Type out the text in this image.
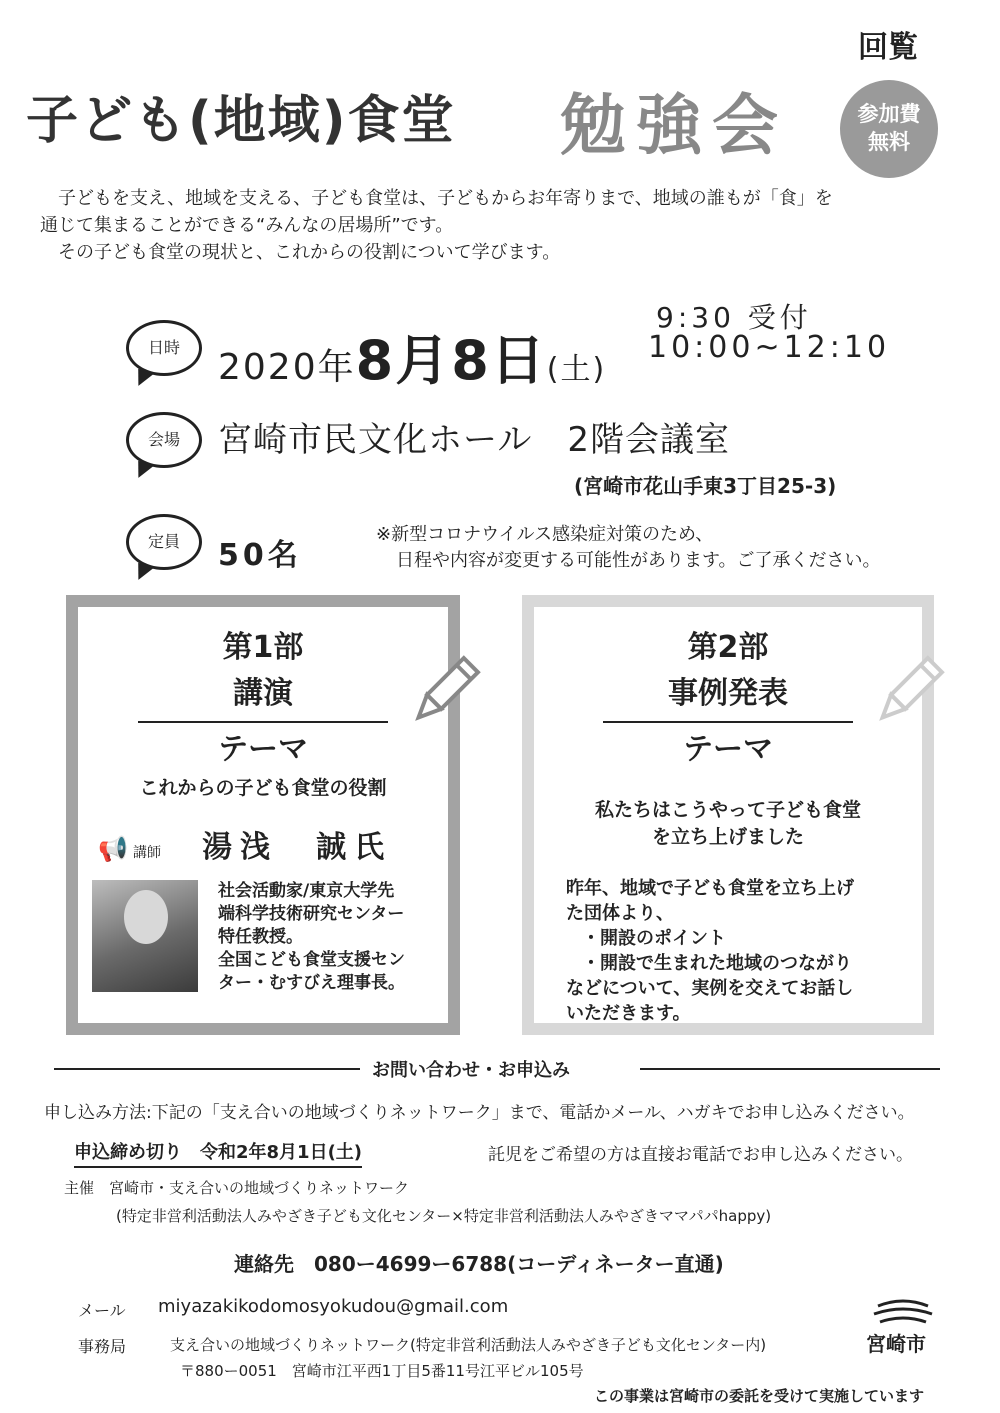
回覧
子ども(地域)食堂 勉強会	参加費
無料

子どもを支え、地域を支える、子ども食堂は、子どもからお年寄りまで、地域の誰もが「食」を

通じて集まることができる“みんなの居場所”です。

その子ども食堂の現状と、これからの役割について学びます。

日時	2020年8月8日(土)
9:30 受付
10:00~12:10
会場	宮崎市民文化ホール　2階会議室
(宮崎市花山手東3丁目25-3)
定員	50名
※新型コロナウイルス感染症対策のため、
日程や内容が変更する可能性があります。ご了承ください。
第1部
講演
テーマ
これからの子ども食堂の役割
📢 講師 湯浅　誠氏
社会活動家/東京大学先
端科学技術研究センター
特任教授。
全国こども食堂支援セン
ター・むすびえ理事長。
第2部
事例発表
テーマ
私たちはこうやって子ども食堂
を立ち上げました
昨年、地域で子ども食堂を立ち上げ
た団体より、
・開設のポイント
・開設で生まれた地域のつながり
などについて、実例を交えてお話し
いただきます。
お問い合わせ・お申込み
申し込み方法:下記の「支え合いの地域づくりネットワーク」まで、電話かメール、ハガキでお申し込みください。
申込締め切り　令和2年8月1日(土)	託児をご希望の方は直接お電話でお申し込みください。
主催　宮崎市・支え合いの地域づくりネットワーク
(特定非営利活動法人みやざき子ども文化センター×特定非営利活動法人みやざきママパパhappy)
連絡先　080ー4699ー6788(コーディネーター直通)
メール miyazakikodomosyokudou@gmail.com
事務局	支え合いの地域づくりネットワーク(特定非営利活動法人みやざき子ども文化センター内)
〒880ー0051　宮崎市江平西1丁目5番11号江平ビル105号
宮崎市
この事業は宮崎市の委託を受けて実施しています
